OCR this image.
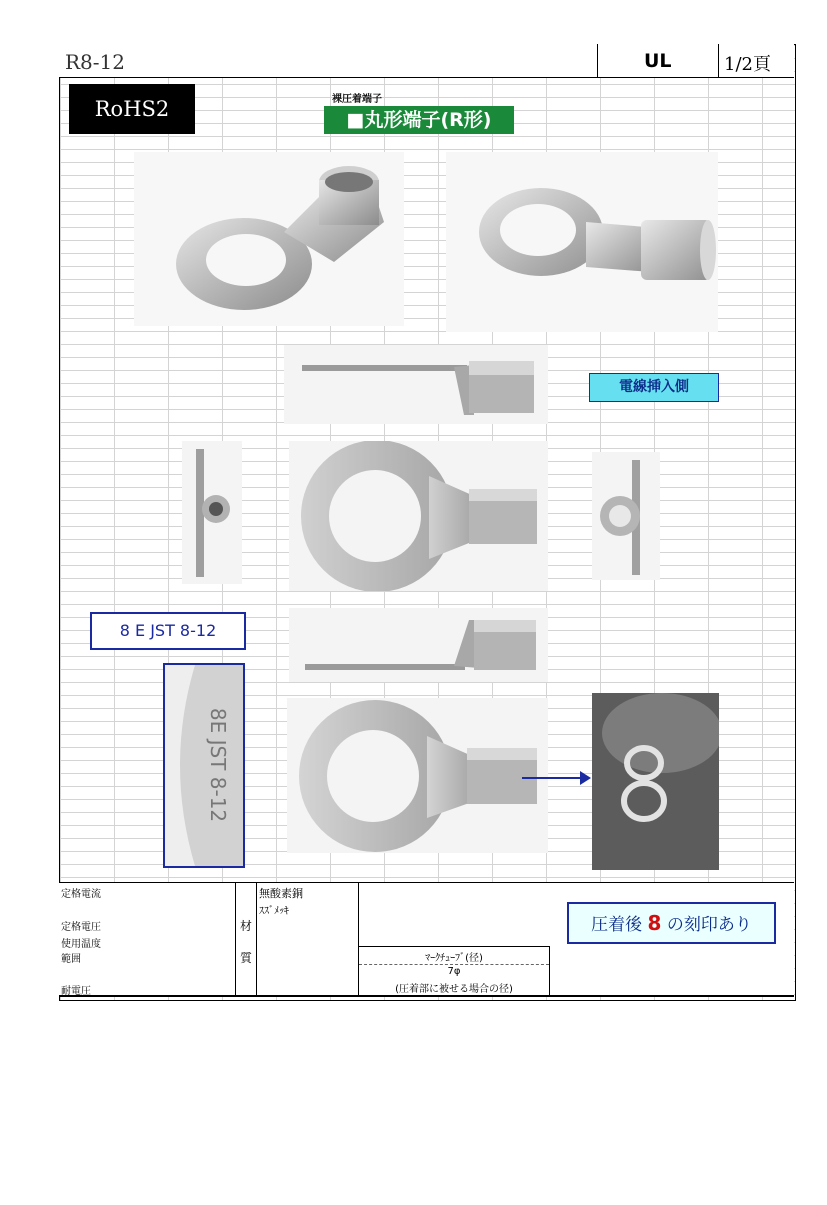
R8-12	UL	1/2頁
RoHS2	裸圧着端子
■丸形端子(R形)
電線挿入側
8 E JST 8-12
8E JST 8-12
定格電流
定格電圧
使用温度
範囲
耐電圧
材
質
無酸素銅
ｽｽﾞﾒｯｷ
ﾏｰｸﾁｭｰﾌﾞ(径)
7φ
(圧着部に被せる場合の径)
圧着後 8 の刻印あり
